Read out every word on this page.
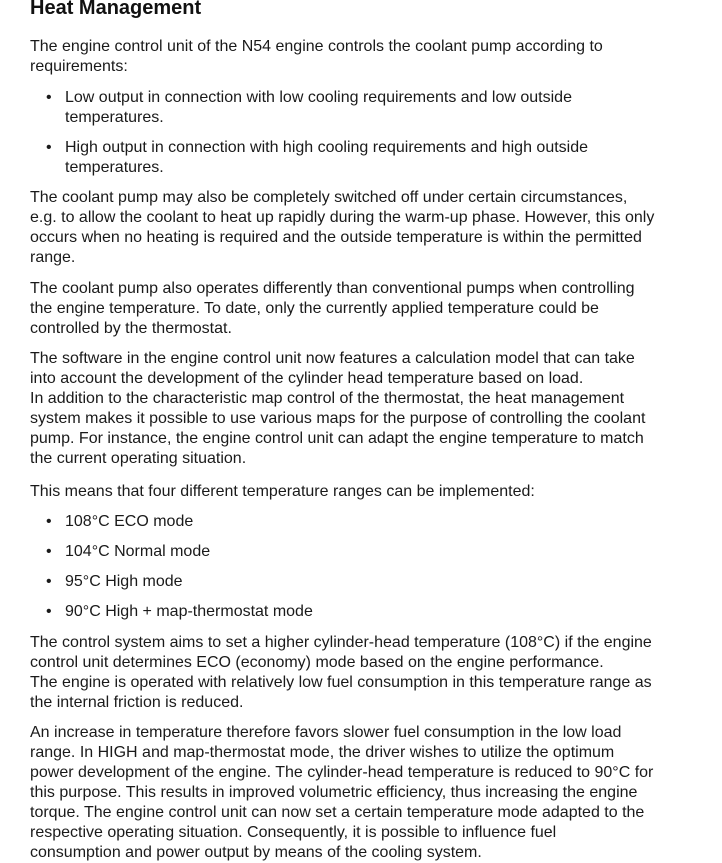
Heat Management
The engine control unit of the N54 engine controls the coolant pump according to
requirements:
• Low output in connection with low cooling requirements and low outside
temperatures.
• High output in connection with high cooling requirements and high outside
temperatures.
The coolant pump may also be completely switched off under certain circumstances,
e.g. to allow the coolant to heat up rapidly during the warm-up phase. However, this only
occurs when no heating is required and the outside temperature is within the permitted
range.
The coolant pump also operates differently than conventional pumps when controlling
the engine temperature. To date, only the currently applied temperature could be
controlled by the thermostat.
The software in the engine control unit now features a calculation model that can take
into account the development of the cylinder head temperature based on load.
In addition to the characteristic map control of the thermostat, the heat management
system makes it possible to use various maps for the purpose of controlling the coolant
pump. For instance, the engine control unit can adapt the engine temperature to match
the current operating situation.
This means that four different temperature ranges can be implemented:
• 108°C ECO mode
• 104°C Normal mode
• 95°C High mode
• 90°C High + map-thermostat mode
The control system aims to set a higher cylinder-head temperature (108°C) if the engine
control unit determines ECO (economy) mode based on the engine performance.
The engine is operated with relatively low fuel consumption in this temperature range as
the internal friction is reduced.
An increase in temperature therefore favors slower fuel consumption in the low load
range. In HIGH and map-thermostat mode, the driver wishes to utilize the optimum
power development of the engine. The cylinder-head temperature is reduced to 90°C for
this purpose. This results in improved volumetric efficiency, thus increasing the engine
torque. The engine control unit can now set a certain temperature mode adapted to the
respective operating situation. Consequently, it is possible to influence fuel
consumption and power output by means of the cooling system.
